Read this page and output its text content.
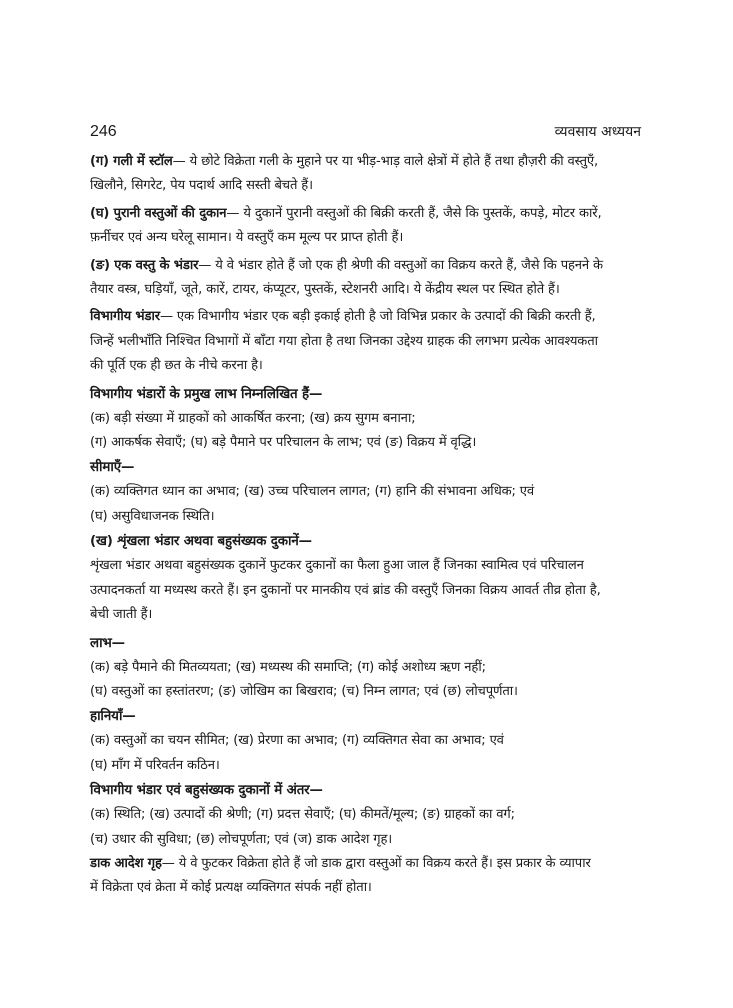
246	व्यवसाय अध्ययन
(ग) गली में स्टॉल— ये छोटे विक्रेता गली के मुहाने पर या भीड़-भाड़ वाले क्षेत्रों में होते हैं तथा हौज़री की वस्तुएँ,
खिलौने, सिगरेट, पेय पदार्थ आदि सस्ती बेचते हैं।
(घ) पुरानी वस्तुओं की दुकान— ये दुकानें पुरानी वस्तुओं की बिक्री करती हैं, जैसे कि पुस्तकें, कपड़े, मोटर कारें,
फ़र्नीचर एवं अन्य घरेलू सामान। ये वस्तुएँ कम मूल्य पर प्राप्त होती हैं।
(ङ) एक वस्तु के भंडार— ये वे भंडार होते हैं जो एक ही श्रेणी की वस्तुओं का विक्रय करते हैं, जैसे कि पहनने के
तैयार वस्त्र, घड़ियाँ, जूते, कारें, टायर, कंप्यूटर, पुस्तकें, स्टेशनरी आदि। ये केंद्रीय स्थल पर स्थित होते हैं।
विभागीय भंडार— एक विभागीय भंडार एक बड़ी इकाई होती है जो विभिन्न प्रकार के उत्पादों की बिक्री करती हैं,
जिन्हें भलीभाँति निश्चित विभागों में बाँटा गया होता है तथा जिनका उद्देश्य ग्राहक की लगभग प्रत्येक आवश्यकता
की पूर्ति एक ही छत के नीचे करना है।
विभागीय भंडारों के प्रमुख लाभ निम्नलिखित हैं—
(क) बड़ी संख्या में ग्राहकों को आकर्षित करना; (ख) क्रय सुगम बनाना;
(ग) आकर्षक सेवाएँ; (घ) बड़े पैमाने पर परिचालन के लाभ; एवं (ङ) विक्रय में वृद्धि।
सीमाएँ—
(क) व्यक्तिगत ध्यान का अभाव; (ख) उच्च परिचालन लागत; (ग) हानि की संभावना अधिक; एवं
(घ) असुविधाजनक स्थिति।
(ख) शृंखला भंडार अथवा बहुसंख्यक दुकानें—
शृंखला भंडार अथवा बहुसंख्यक दुकानें फुटकर दुकानों का फैला हुआ जाल हैं जिनका स्वामित्व एवं परिचालन
उत्पादनकर्ता या मध्यस्थ करते हैं। इन दुकानों पर मानकीय एवं ब्रांड की वस्तुएँ जिनका विक्रय आवर्त तीव्र होता है,
बेची जाती हैं।
लाभ—
(क) बड़े पैमाने की मितव्ययता; (ख) मध्यस्थ की समाप्ति; (ग) कोई अशोध्य ऋण नहीं;
(घ) वस्तुओं का हस्तांतरण; (ङ) जोखिम का बिखराव; (च) निम्न लागत; एवं (छ) लोचपूर्णता।
हानियाँ—
(क) वस्तुओं का चयन सीमित; (ख) प्रेरणा का अभाव; (ग) व्यक्तिगत सेवा का अभाव; एवं
(घ) माँग में परिवर्तन कठिन।
विभागीय भंडार एवं बहुसंख्यक दुकानों में अंतर—
(क) स्थिति; (ख) उत्पादों की श्रेणी; (ग) प्रदत्त सेवाएँ; (घ) कीमतें/मूल्य; (ङ) ग्राहकों का वर्ग;
(च) उधार की सुविधा; (छ) लोचपूर्णता; एवं (ज) डाक आदेश गृह।
डाक आदेश गृह— ये वे फुटकर विक्रेता होते हैं जो डाक द्वारा वस्तुओं का विक्रय करते हैं। इस प्रकार के व्यापार
में विक्रेता एवं क्रेता में कोई प्रत्यक्ष व्यक्तिगत संपर्क नहीं होता।
